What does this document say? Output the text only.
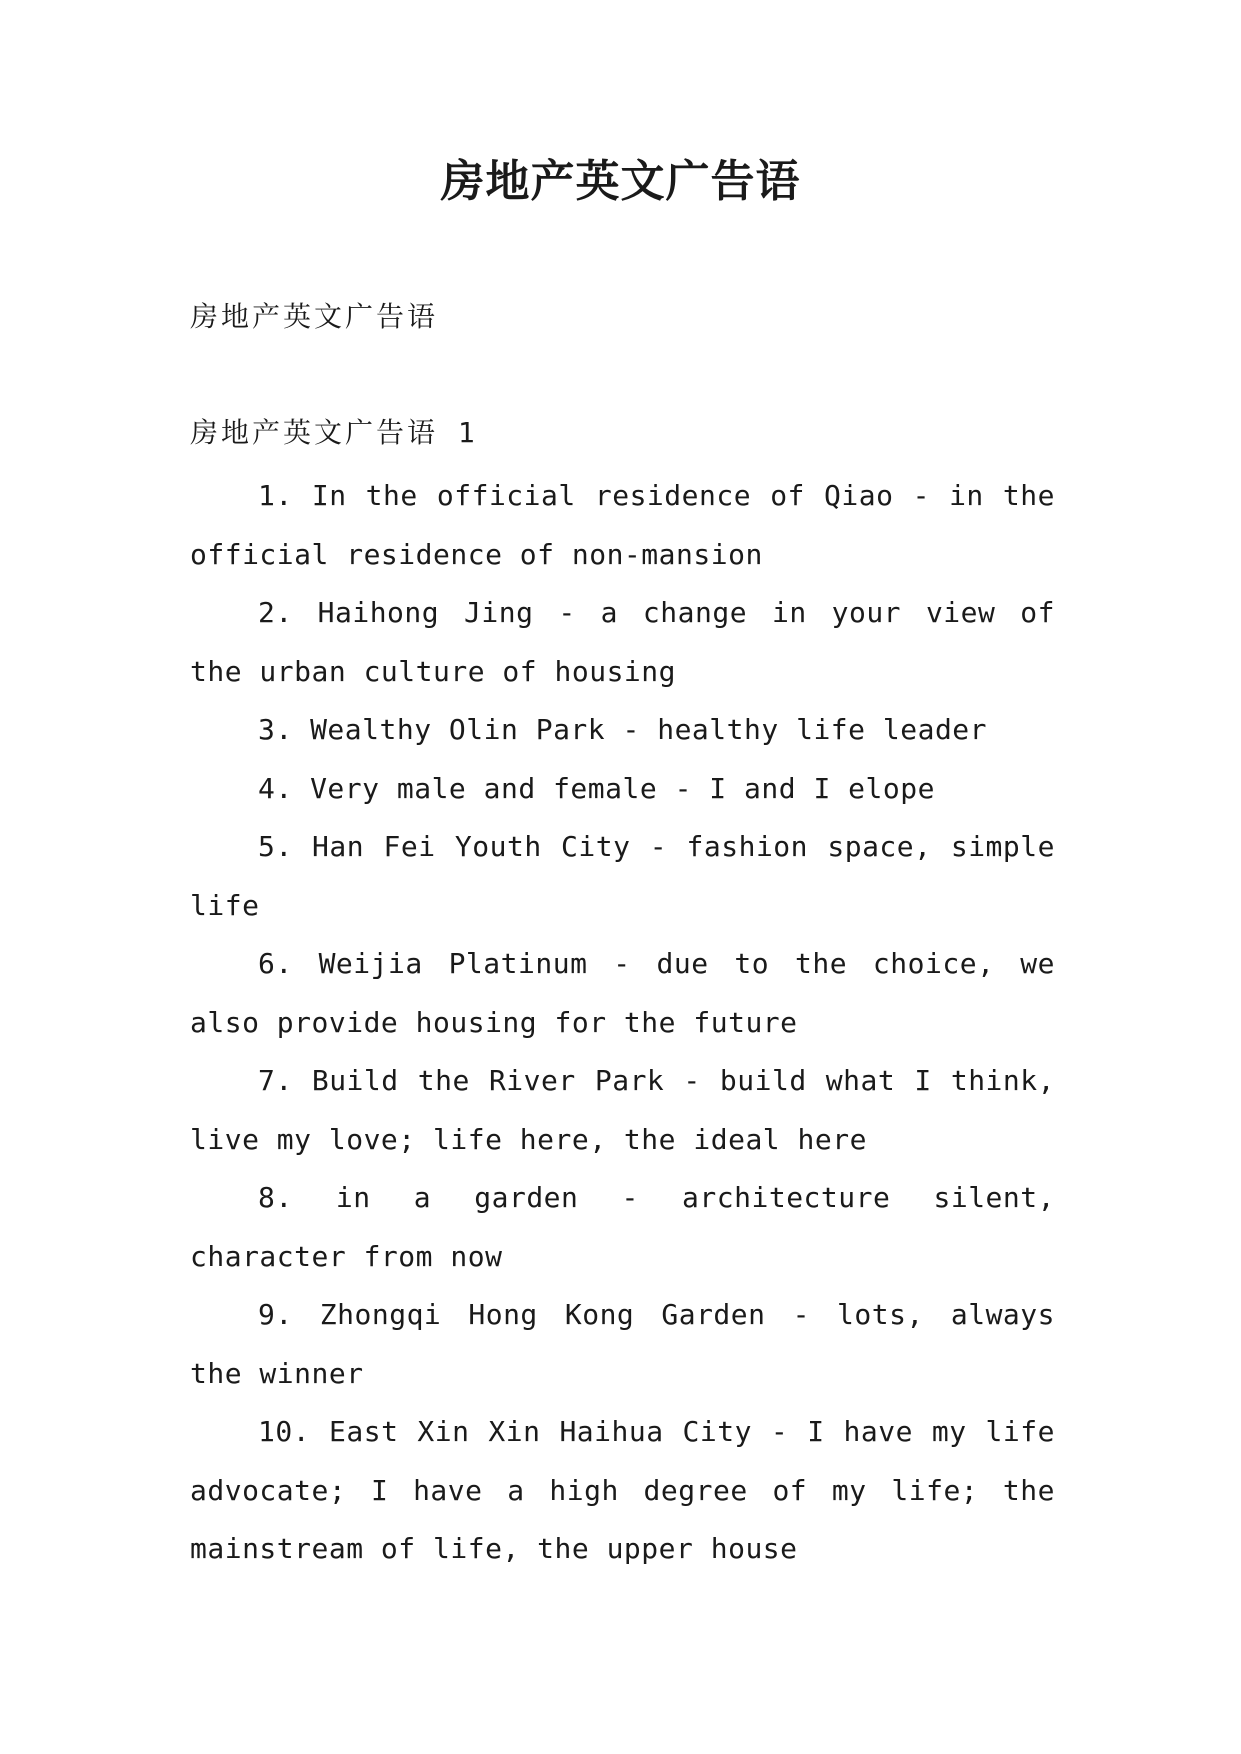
房地产英文广告语

房地产英文广告语

房地产英文广告语 1

1. In the official residence of Qiao - in the official residence of non-mansion
2. Haihong Jing - a change in your view of the urban culture of housing
3. Wealthy Olin Park - healthy life leader
4. Very male and female - I and I elope
5. Han Fei Youth City - fashion space, simple life
6. Weijia Platinum - due to the choice, we also provide housing for the future
7. Build the River Park - build what I think, live my love; life here, the ideal here
8. in a garden - architecture silent, character from now
9. Zhongqi Hong Kong Garden - lots, always the winner
10. East Xin Xin Haihua City - I have my life advocate; I have a high degree of my life; the mainstream of life, the upper house
